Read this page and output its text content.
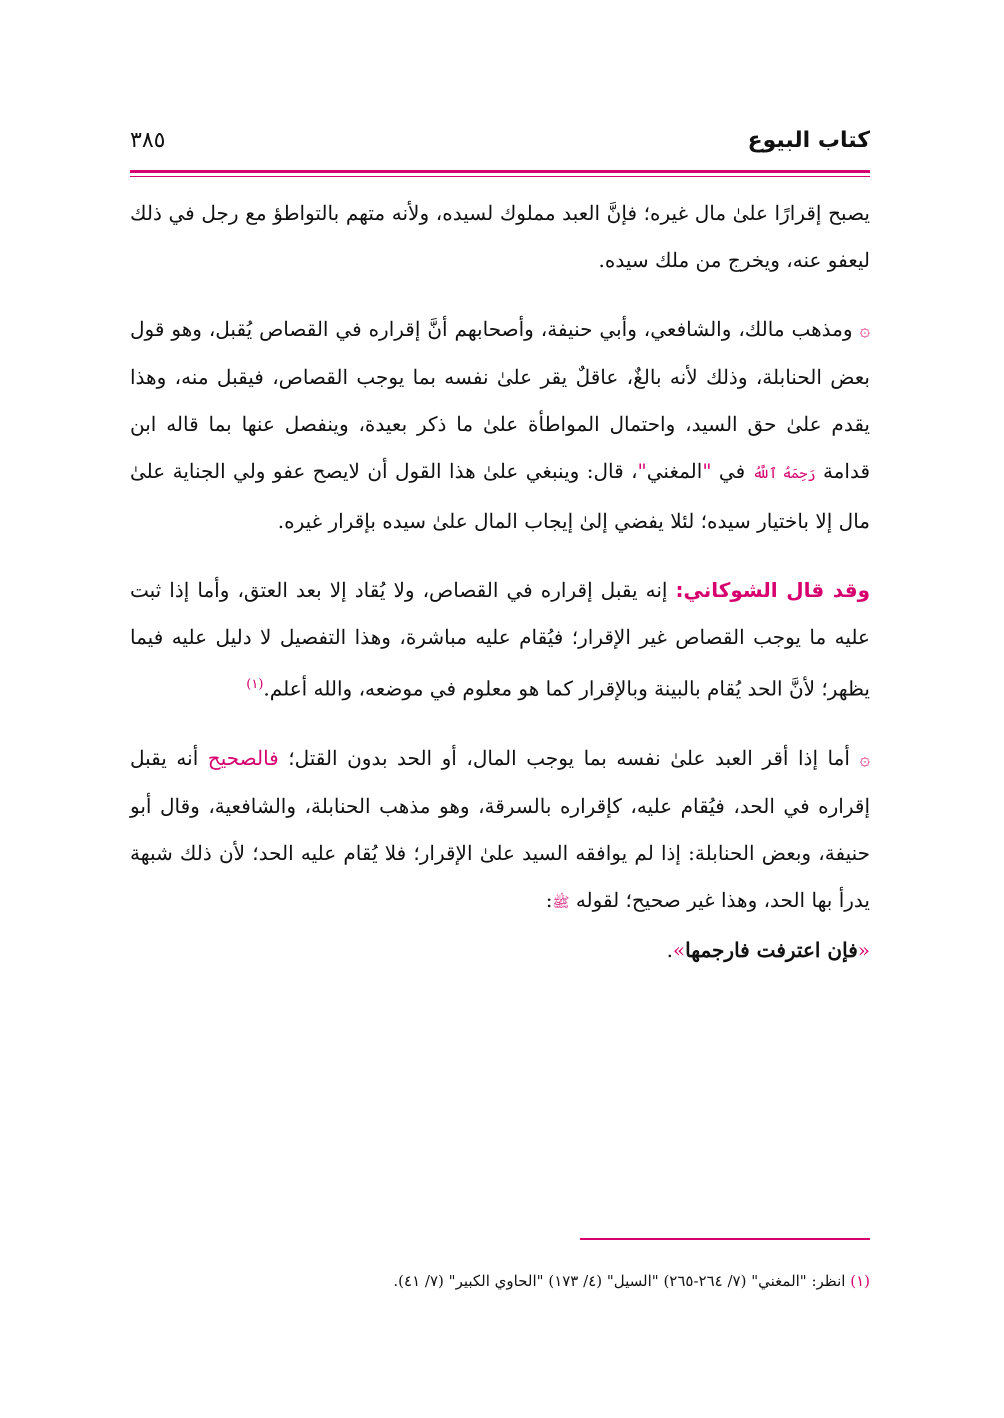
كتاب البيوع
٣٨٥

يصبح إقرارًا علىٰ مال غيره؛ فإنَّ العبد مملوك لسيده، ولأنه متهم بالتواطؤ مع رجل في ذلك ليعفو عنه، ويخرج من ملك سيده.

۞ ومذهب مالك، والشافعي، وأبي حنيفة، وأصحابهم أنَّ إقراره في القصاص يُقبل، وهو قول بعض الحنابلة، وذلك لأنه بالغٌ، عاقلٌ يقر علىٰ نفسه بما يوجب القصاص، فيقبل منه، وهذا يقدم علىٰ حق السيد، واحتمال المواطأة علىٰ ما ذكر بعيدة، وينفصل عنها بما قاله ابن قدامة رَحِمَهُ ٱللَّهُ في "المغني"، قال: وينبغي علىٰ هذا القول أن لايصح عفو ولي الجناية علىٰ مال إلا باختيار سيده؛ لئلا يفضي إلىٰ إيجاب المال علىٰ سيده بإقرار غيره.

وقد قال الشوكاني: إنه يقبل إقراره في القصاص، ولا يُقاد إلا بعد العتق، وأما إذا ثبت عليه ما يوجب القصاص غير الإقرار؛ فيُقام عليه مباشرة، وهذا التفصيل لا دليل عليه فيما يظهر؛ لأنَّ الحد يُقام بالبينة وبالإقرار كما هو معلوم في موضعه، والله أعلم.$^{(١)}$

۞ أما إذا أقر العبد علىٰ نفسه بما يوجب المال، أو الحد بدون القتل؛ فالصحيح أنه يقبل إقراره في الحد، فيُقام عليه، كإقراره بالسرقة، وهو مذهب الحنابلة، والشافعية، وقال أبو حنيفة، وبعض الحنابلة: إذا لم يوافقه السيد علىٰ الإقرار؛ فلا يُقام عليه الحد؛ لأن ذلك شبهة يدرأ بها الحد، وهذا غير صحيح؛ لقوله ﷺ:
«فإن اعترفت فارجمها».

(١) انظر: "المغني" (٧/ ٢٦٤-٢٦٥) "السيل" (٤/ ١٧٣) "الحاوي الكبير" (٧/ ٤١).
